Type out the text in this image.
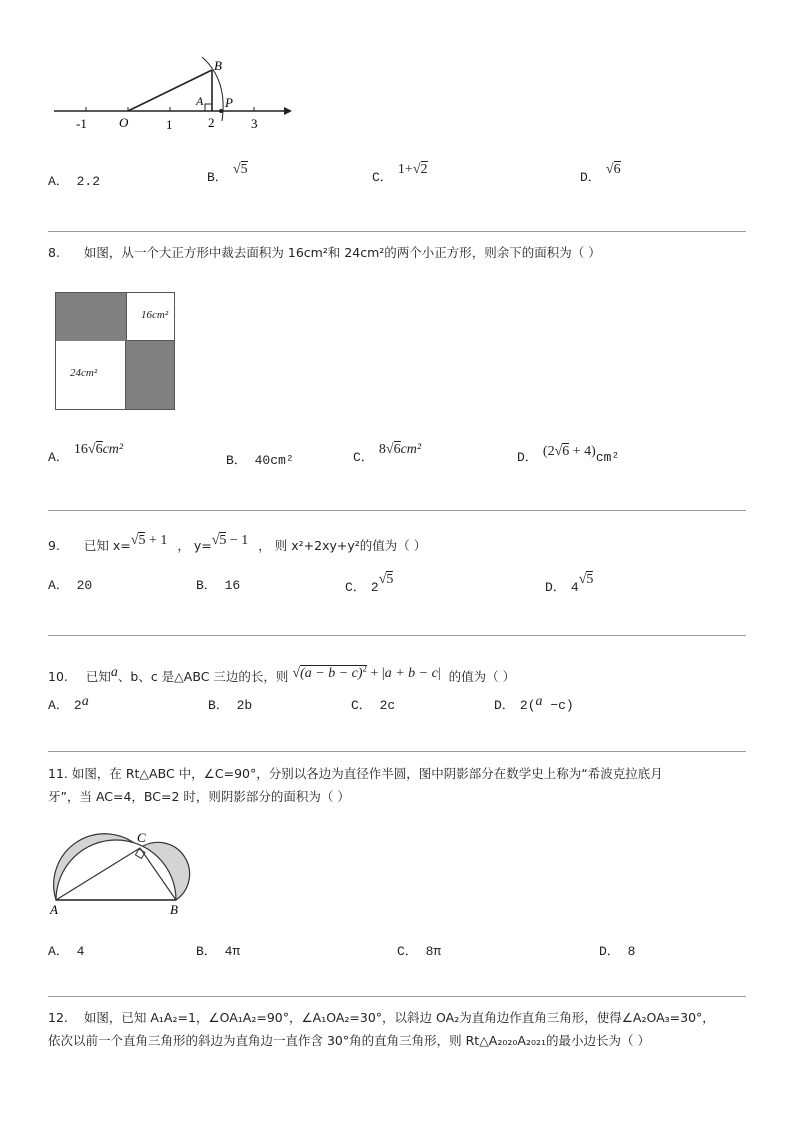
B
A P
O
-1	1	2	3
A． 2.2	B． √5
C． 1+√2
D． √6
8. 如图，从一个大正方形中裁去面积为 16cm²和 24cm²的两个小正方形，则余下的面积为（ ）
16cm²
24cm²
A． 16√6cm²
B． 40cm²	C． 8√6cm²
D． (2√6 + 4)cm²
9. 已知 x=√5 + 1 ， y=√5 − 1 ， 则 x²+2xy+y²的值为（ ）
A． 20	B． 16	C． 2√5
D． 4√5
10. 已知a、b、c 是△ABC 三边的长，则 $√(a - b - c)^2 + |a + b - c|$ 的值为（ ）
A． 2a	B． 2b	C． 2c	D． 2(a −c)
11. 如图，在 Rt△ABC 中，∠C=90°，分别以各边为直径作半圆，图中阴影部分在数学史上称为“希波克拉底月
牙”，当 AC=4，BC=2 时，则阴影部分的面积为（ ）
C
A	B
A． 4	B． 4π	C． 8π	D． 8
12. 如图，已知 A₁A₂=1，∠OA₁A₂=90°，∠A₁OA₂=30°，以斜边 OA₂为直角边作直角三角形，使得∠A₂OA₃=30°，
依次以前一个直角三角形的斜边为直角边一直作含 30°角的直角三角形，则 Rt△A₂₀₂₀A₂₀₂₁的最小边长为（ ）
